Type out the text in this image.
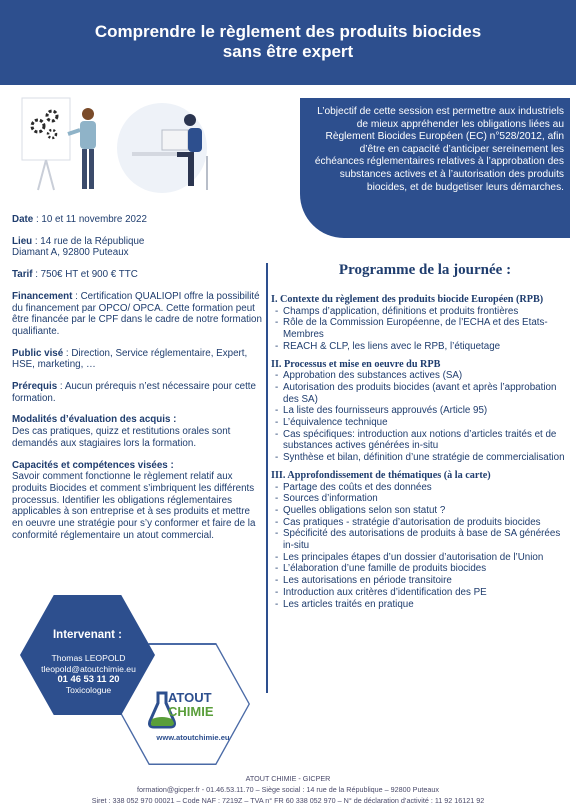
Comprendre le règlement des produits biocides
sans être expert
L’objectif de cette session est permettre aux industriels de mieux appréhender les obligations liées au Règlement Biocides Européen (EC) n°528/2012, afin d’être en capacité d’anticiper sereinement les échéances réglementaires relatives à l’approbation des substances actives et à l’autorisation des produits biocides, et de budgetiser leurs démarches.
Date : 10 et 11 novembre 2022
Lieu : 14 rue de la République
Diamant A, 92800 Puteaux
Tarif : 750€ HT et 900 € TTC
Financement : Certification QUALIOPI offre la possibilité du financement par OPCO/ OPCA. Cette formation peut être financée par le CPF dans le cadre de notre formation qualifiante.
Public visé : Direction, Service réglementaire, Expert, HSE, marketing, …
Prérequis : Aucun prérequis n’est nécessaire pour cette formation.
Modalités d’évaluation des acquis :
Des cas pratiques, quizz et restitutions orales sont demandés aux stagiaires lors la formation.
Capacités et compétences visées :
Savoir comment fonctionne le règlement relatif aux produits Biocides et comment s’imbriquent les différents processus. Identifier les obligations réglementaires applicables à son entreprise et à ses produits et mettre en oeuvre une stratégie pour s’y conformer et faire de la conformité réglementaire un atout commercial.
Programme de la journée :
I. Contexte du règlement des produits biocide Européen (RPB)
- Champs d’application, définitions et produits frontières
- Rôle de la Commission Européenne, de l’ECHA et des Etats-Membres
- REACH & CLP, les liens avec le RPB, l’étiquetage
II. Processus et mise en oeuvre du RPB
- Approbation des substances actives (SA)
- Autorisation des produits biocides (avant et après l’approbation des SA)
- La liste des fournisseurs approuvés (Article 95)
- L’équivalence technique
- Cas spécifiques: introduction aux notions d’articles traités et de substances actives générées in-situ
- Synthèse et bilan, définition d’une stratégie de commercialisation
III. Approfondissement de thématiques (à la carte)
- Partage des coûts et des données
- Sources d’information
- Quelles obligations selon son statut ?
- Cas pratiques - stratégie d’autorisation de produits biocides
- Spécificité des autorisations de produits à base de SA générées in-situ
- Les principales étapes d’un dossier d’autorisation de l’Union
- L’élaboration d’une famille de produits biocides
- Les autorisations en période transitoire
- Introduction aux critères d’identification des PE
- Les articles traités en pratique
Intervenant :
Thomas LEOPOLD
tleopold@atoutchimie.eu
01 46 53 11 20
Toxicologue
ATOUT
CHIMIE
www.atoutchimie.eu
ATOUT CHIMIE - GICPER
formation@gicper.fr - 01.46.53.11.70 – Siège social : 14 rue de la République – 92800 Puteaux
Siret : 338 052 970 00021 – Code NAF : 7219Z – TVA n° FR 60 338 052 970 – N° de déclaration d’activité : 11 92 16121 92
